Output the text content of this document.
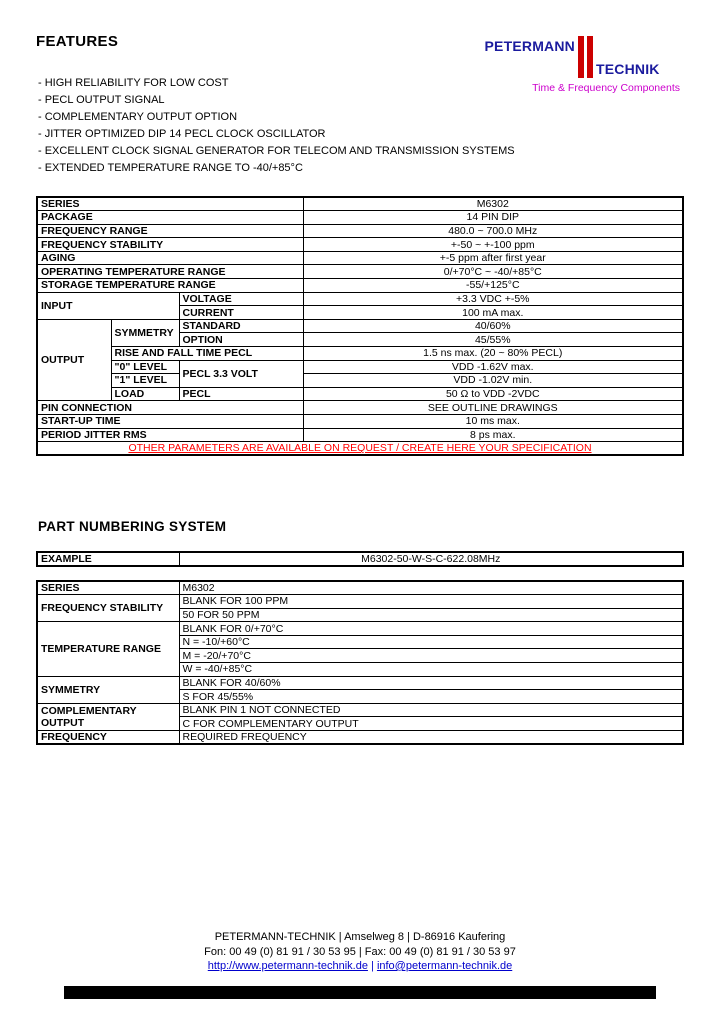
FEATURES	PETERMANN
TECHNIK
Time & Frequency Components
- HIGH RELIABILITY FOR LOW COST
- PECL OUTPUT SIGNAL
- COMPLEMENTARY OUTPUT OPTION
- JITTER OPTIMIZED DIP 14 PECL CLOCK OSCILLATOR
- EXCELLENT CLOCK SIGNAL GENERATOR FOR TELECOM AND TRANSMISSION SYSTEMS
- EXTENDED TEMPERATURE RANGE TO -40/+85°C
SERIES			M6302
PACKAGE			14 PIN DIP
FREQUENCY RANGE			480.0 ~ 700.0 MHz
FREQUENCY STABILITY			+-50 ~ +-100 ppm
AGING			+-5 ppm after first year
OPERATING TEMPERATURE RANGE			0/+70°C ~ -40/+85°C
STORAGE TEMPERATURE RANGE			-55/+125°C
INPUT		VOLTAGE	+3.3 VDC +-5%
		CURRENT	100 mA max.
OUTPUT	SYMMETRY	STANDARD	40/60%
		OPTION	45/55%
	RISE AND FALL TIME PECL		1.5 ns max. (20 ~ 80% PECL)
	"0" LEVEL	PECL 3.3 VOLT	VDD -1.62V max.
	"1" LEVEL		VDD -1.02V min.
	LOAD	PECL	50 Ω to VDD -2VDC
PIN CONNECTION			SEE OUTLINE DRAWINGS
START-UP TIME			10 ms max.
PERIOD JITTER RMS			8 ps max.
OTHER PARAMETERS ARE AVAILABLE ON REQUEST / CREATE HERE YOUR SPECIFICATION			
PART NUMBERING SYSTEM
EXAMPLE	M6302-50-W-S-C-622.08MHz
SERIES	M6302
FREQUENCY STABILITY	BLANK FOR 100 PPM
	50 FOR 50 PPM
TEMPERATURE RANGE	BLANK FOR 0/+70°C
	N = -10/+60°C
	M = -20/+70°C
	W = -40/+85°C
SYMMETRY	BLANK FOR 40/60%
	S FOR 45/55%
COMPLEMENTARY OUTPUT	BLANK PIN 1 NOT CONNECTED
	C FOR COMPLEMENTARY OUTPUT
FREQUENCY	REQUIRED FREQUENCY
PETERMANN-TECHNIK | Amselweg 8 | D-86916 Kaufering
Fon: 00 49 (0) 81 91 / 30 53 95 | Fax: 00 49 (0) 81 91 / 30 53 97
http://www.petermann-technik.de | info@petermann-technik.de
